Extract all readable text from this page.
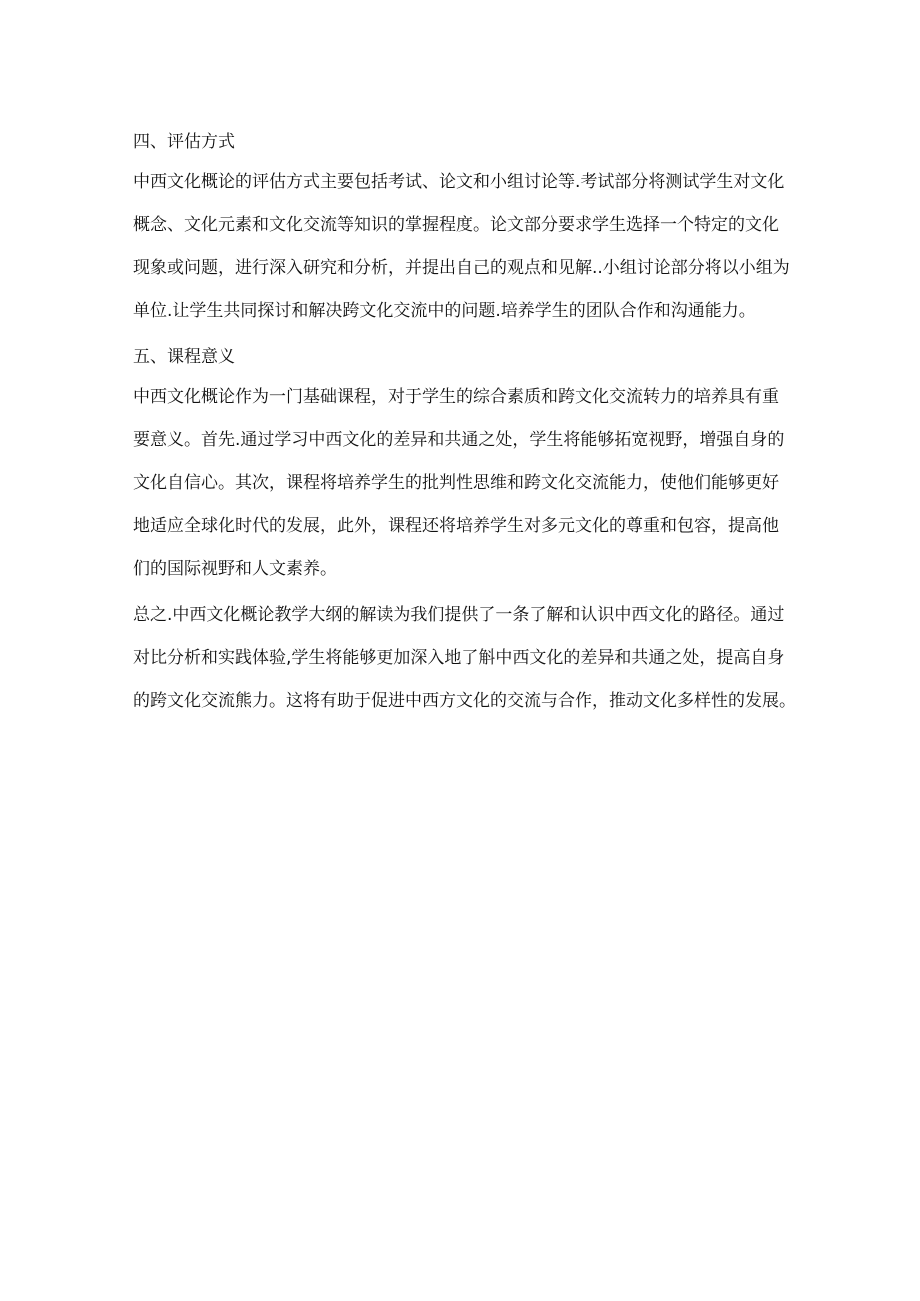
四、评估方式
中西文化概论的评估方式主要包括考试、论文和小组讨论等.考试部分将测试学生对文化
概念、文化元素和文化交流等知识的掌握程度。论文部分要求学生选择一个特定的文化
现象或问题，进行深入研究和分析，并提出自己的观点和见解..小组讨论部分将以小组为
单位.让学生共同探讨和解决跨文化交流中的问题.培养学生的团队合作和沟通能力。
五、课程意义
中西文化概论作为一门基础课程，对于学生的综合素质和跨文化交流转力的培养具有重
要意义。首先.通过学习中西文化的差异和共通之处，学生将能够拓宽视野，增强自身的
文化自信心。其次，课程将培养学生的批判性思维和跨文化交流能力，使他们能够更好
地适应全球化时代的发展，此外，课程还将培养学生对多元文化的尊重和包容，提高他
们的国际视野和人文素养。
总之.中西文化概论教学大纲的解读为我们提供了一条了解和认识中西文化的路径。通过
对比分析和实践体验,学生将能够更加深入地了斛中西文化的差异和共通之处，提高自身
的跨文化交流熊力。这将有助于促进中西方文化的交流与合作，推动文化多样性的发展。
